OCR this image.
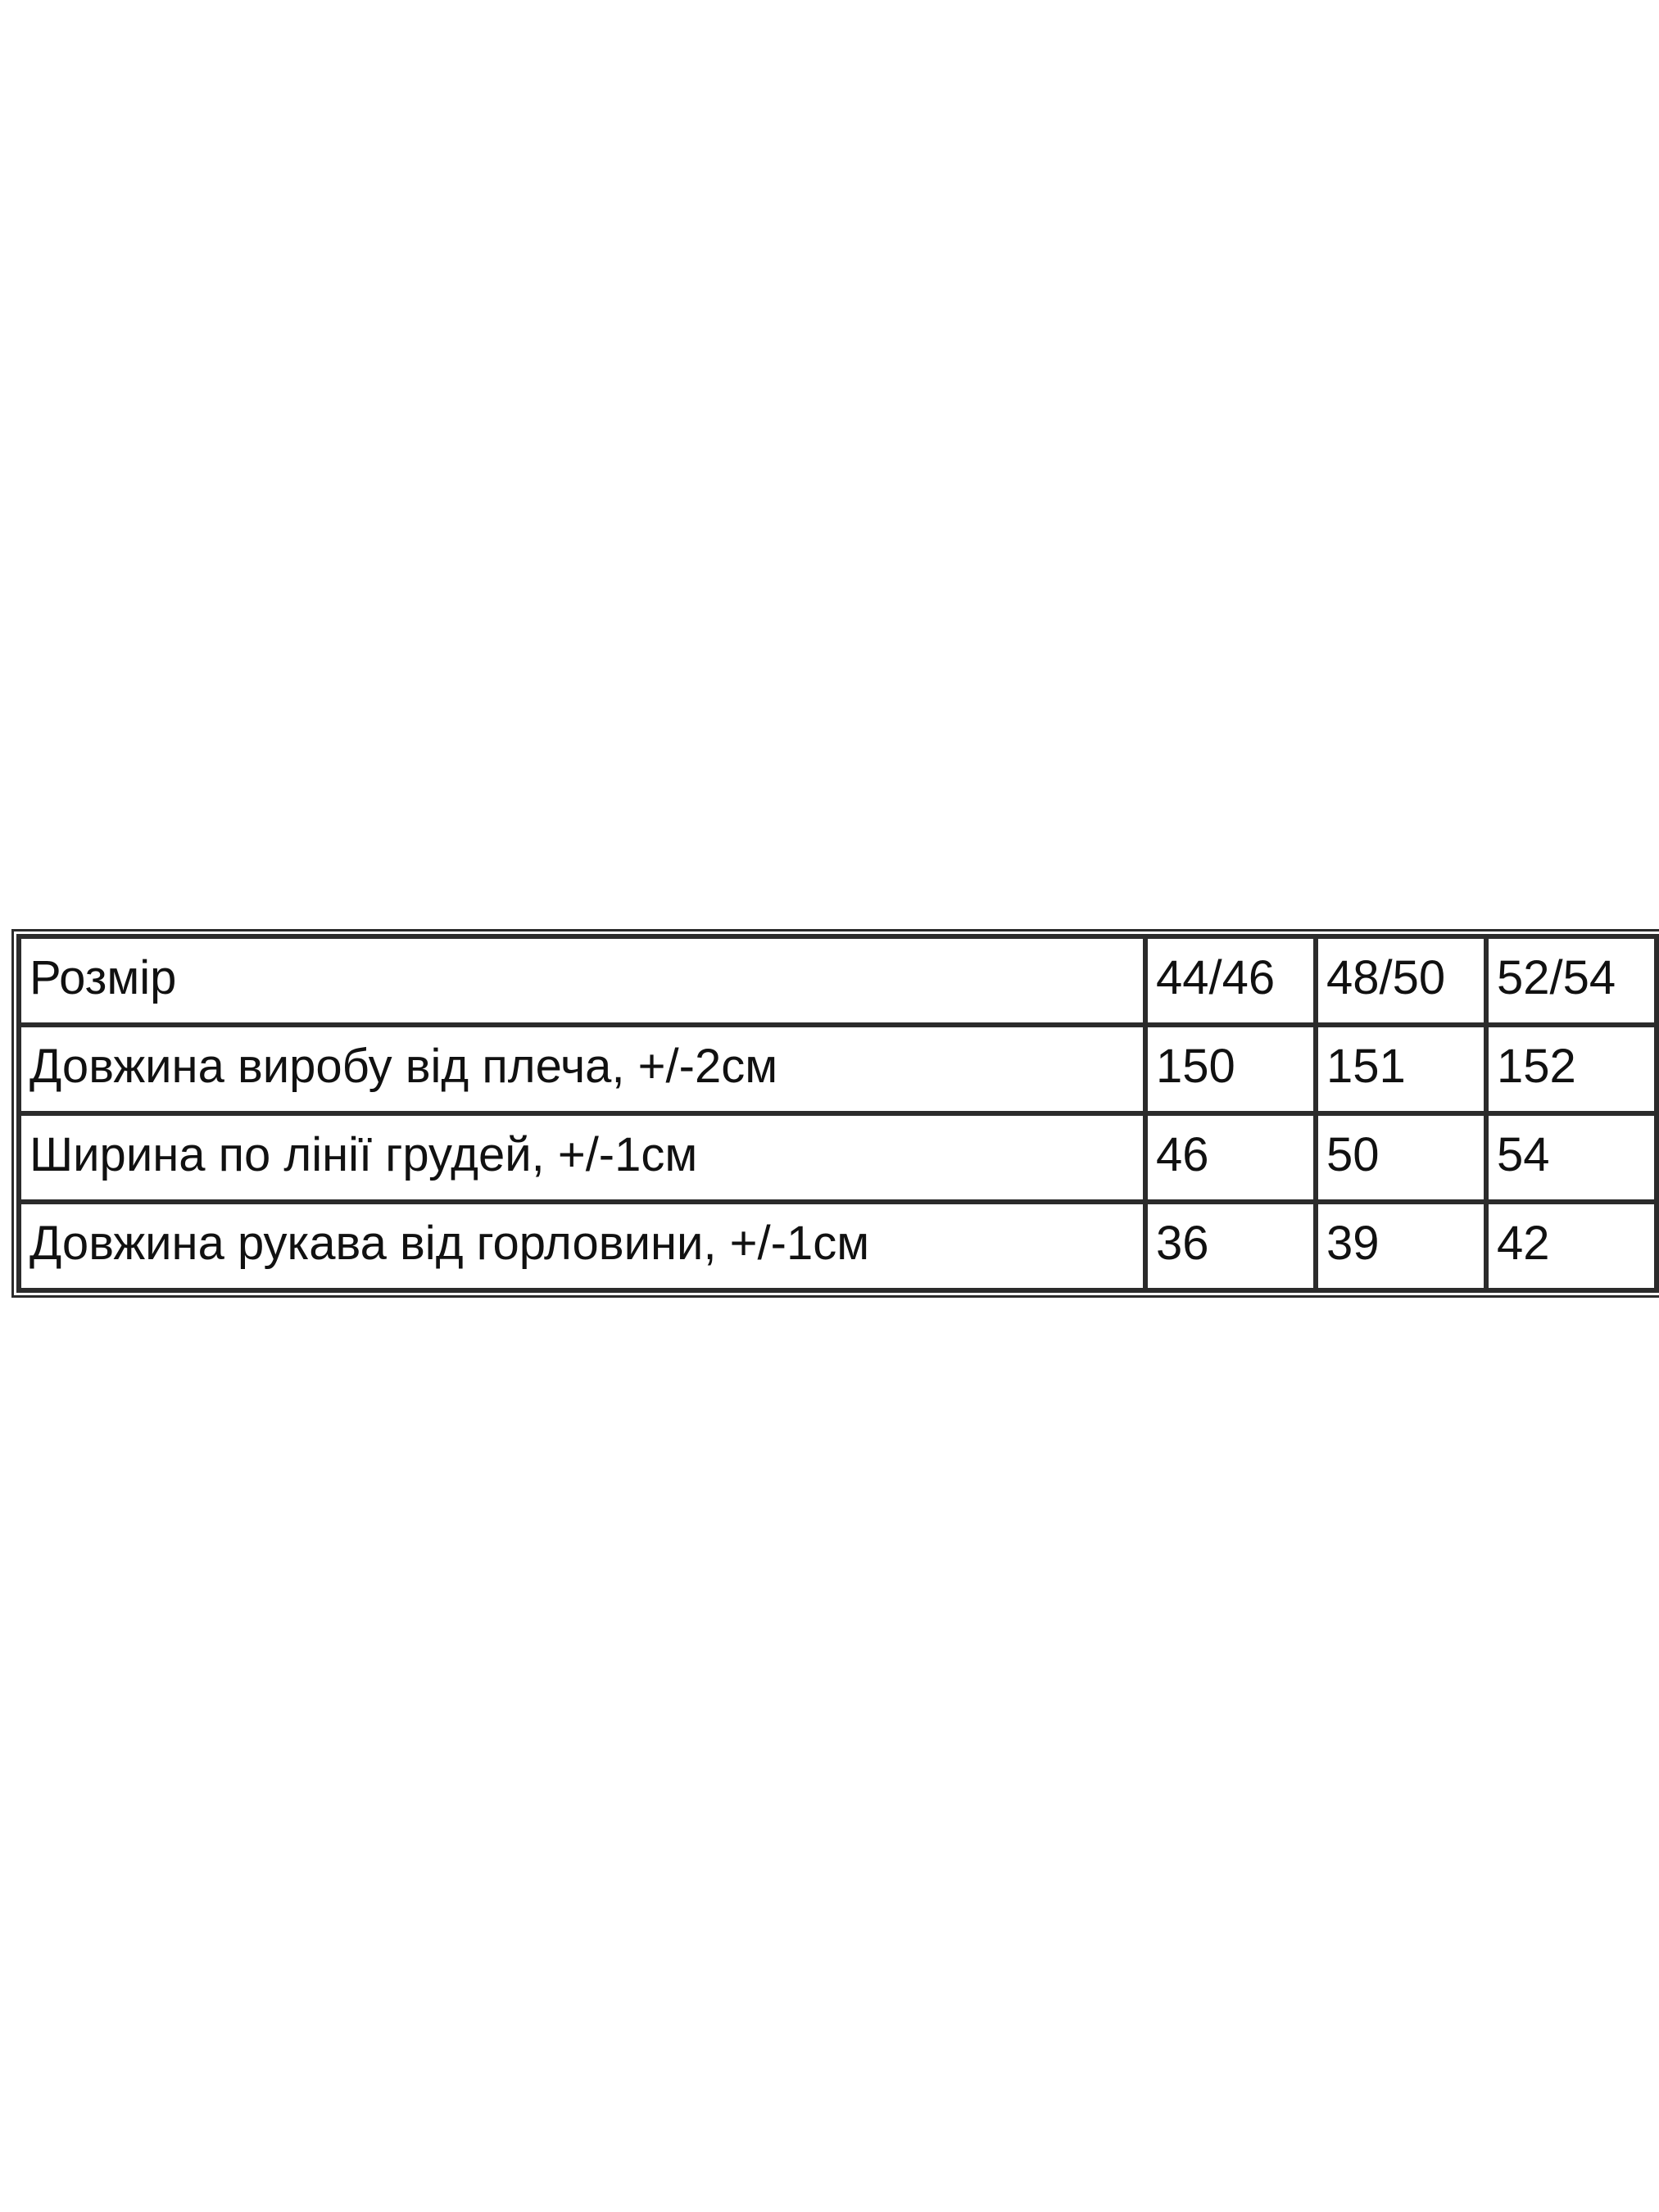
Розмір	44/46	48/50	52/54
Довжина виробу від плеча, +/-2см	150	151	152
Ширина по лінії грудей, +/-1см	46	50	54
Довжина рукава від горловини, +/-1см	36	39	42
